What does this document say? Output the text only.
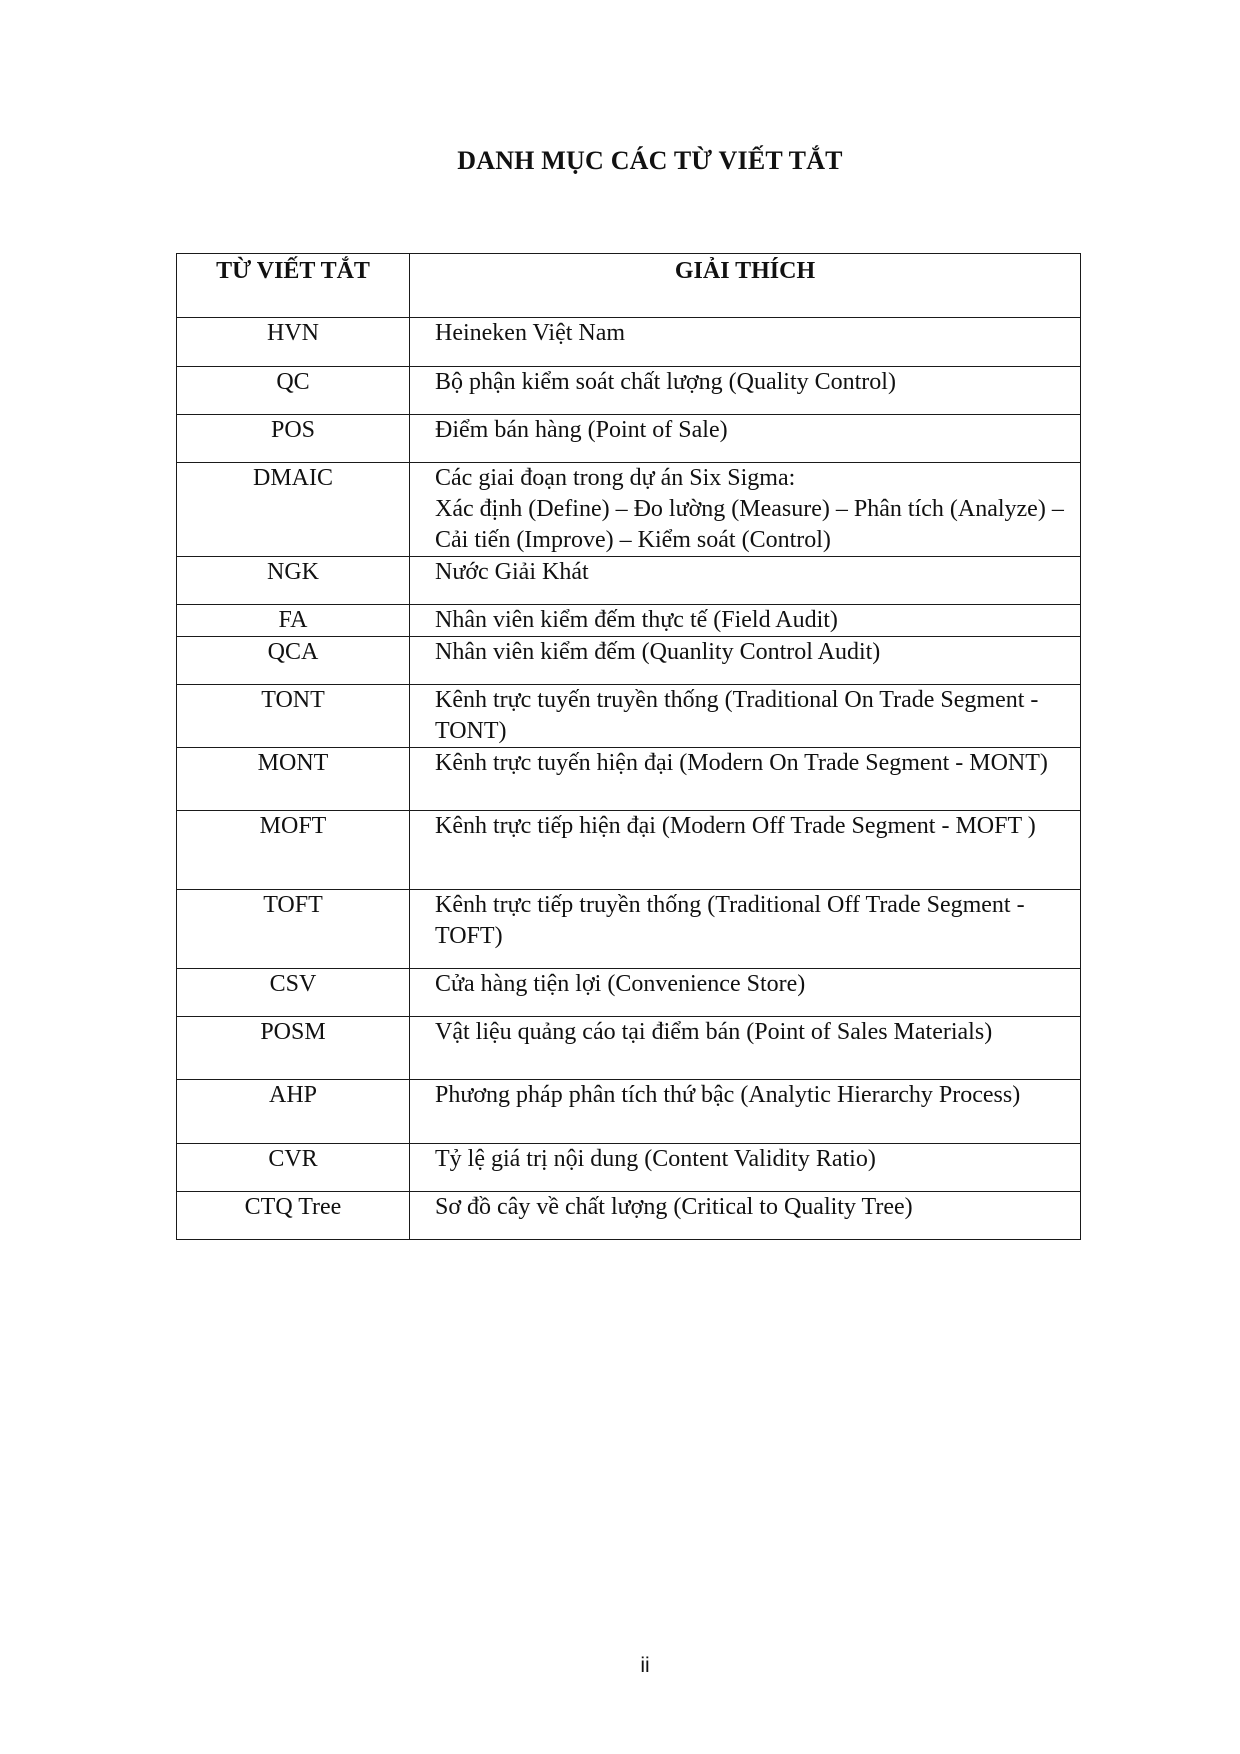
DANH MỤC CÁC TỪ VIẾT TẮT
TỪ VIẾT TẮT	GIẢI THÍCH
HVN	Heineken Việt Nam
QC	Bộ phận kiểm soát chất lượng (Quality Control)
POS	Điểm bán hàng (Point of Sale)
DMAIC	Các giai đoạn trong dự án Six Sigma:
Xác định (Define) – Đo lường (Measure) – Phân tích (Analyze) – Cải tiến (Improve) – Kiểm soát (Control)

NGK	Nước Giải Khát
FA	Nhân viên kiểm đếm thực tế (Field Audit)
QCA	Nhân viên kiểm đếm (Quanlity Control Audit)
TONT	Kênh trực tuyến truyền thống (Traditional On Trade Segment - TONT)
MONT	Kênh trực tuyến hiện đại (Modern On Trade Segment - MONT)
MOFT	Kênh trực tiếp hiện đại (Modern Off Trade Segment - MOFT )
TOFT	Kênh trực tiếp truyền thống (Traditional Off Trade Segment - TOFT)
CSV	Cửa hàng tiện lợi (Convenience Store)
POSM	Vật liệu quảng cáo tại điểm bán (Point of Sales Materials)
AHP	Phương pháp phân tích thứ bậc (Analytic Hierarchy Process)
CVR	Tỷ lệ giá trị nội dung (Content Validity Ratio)
CTQ Tree	Sơ đồ cây về chất lượng (Critical to Quality Tree)
ii
